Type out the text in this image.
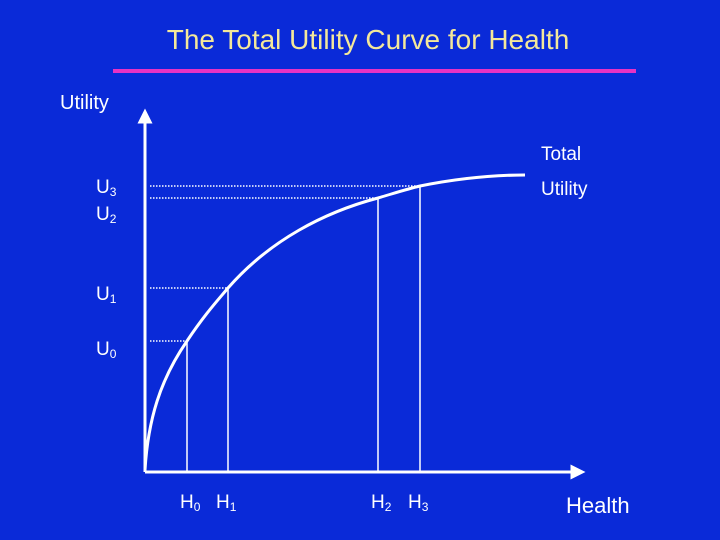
The Total Utility Curve for Health
Utility
Health
Total
Utility
$U_3$
$U_2$
$U_1$
$U_0$
$H_0$ $H_1$	$H_2$ $H_3$
